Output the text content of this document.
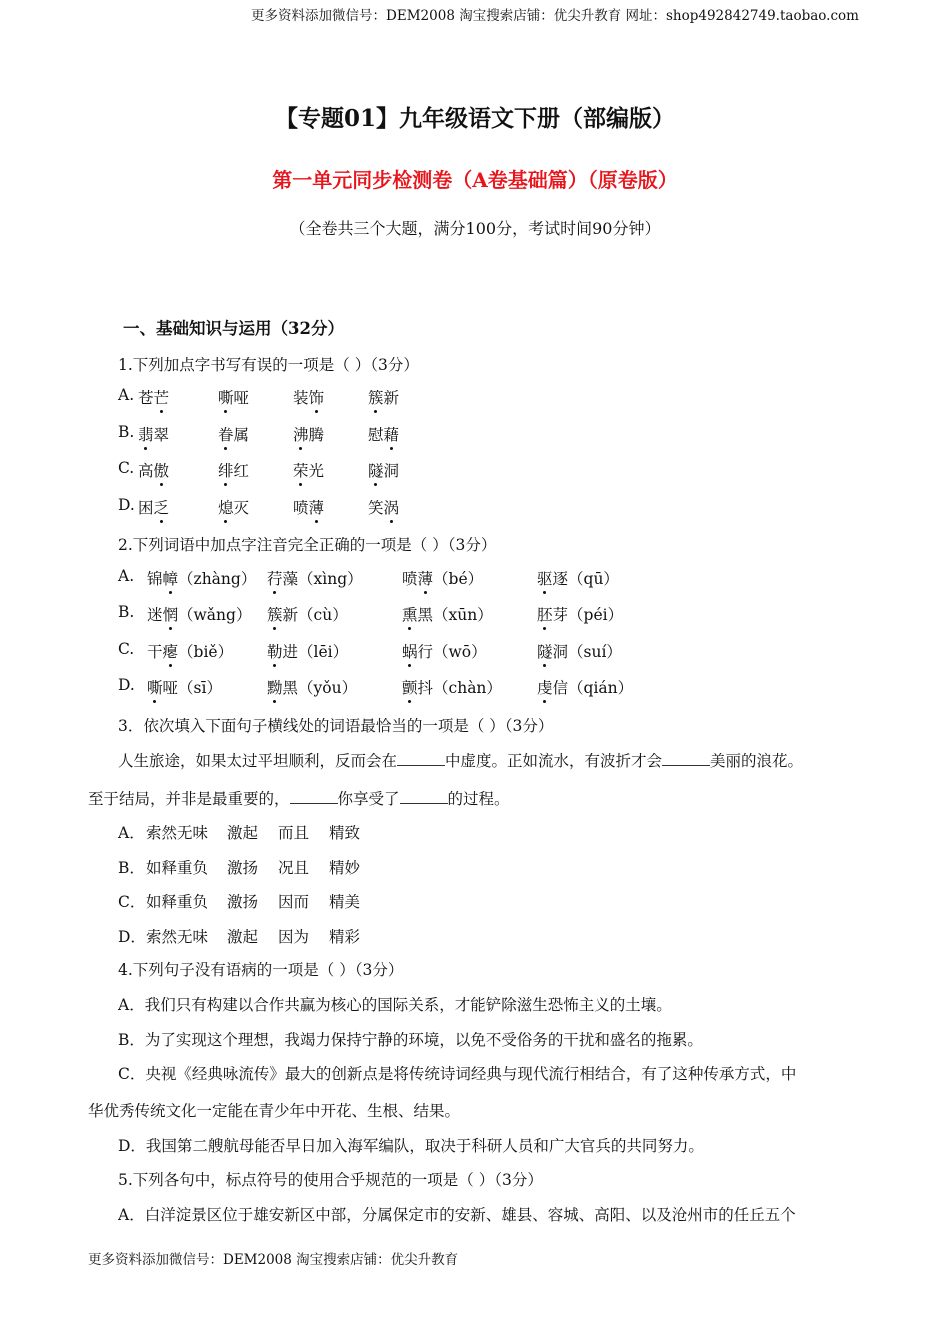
更多资料添加微信号：DEM2008 淘宝搜索店铺：优尖升教育 网址：shop492842749.taobao.com
【专题01】九年级语文下册（部编版）
第一单元同步检测卷（A卷基础篇）（原卷版）
（全卷共三个大题，满分100分，考试时间90分钟）
一、基础知识与运用（32分）
1.下列加点字书写有误的一项是（ ）（3分）
A. 苍芒	嘶哑	装饰	簇新
B. 翡翠	眷属	沸腾	慰藉
C. 高傲	绯红	荣光	隧洞
D. 困乏	熄灭	喷薄	笑涡
2.下列词语中加点字注音完全正确的一项是（ ）（3分）
A. 锦幛（zhàng） 荇藻（xìng）	喷薄（bé）	驱逐（qū）
B. 迷惘（wǎng） 簇新（cù）	熏黑（xūn）	胚芽（péi）
C. 干瘪（biě） 勒进（lēi）	蜗行（wō）	隧洞（suí）
D. 嘶哑（sī）	黝黑（yǒu）	颤抖（chàn） 虔信（qián）
3．依次填入下面句子横线处的词语最恰当的一项是（ ）（3分）
人生旅途，如果太过平坦顺利，反而会在	中虚度。正如流水，有波折才会	美丽的浪花。
至于结局，并非是最重要的，	你享受了	的过程。
A． 索然无味 激起 而且 精致
B． 如释重负 激扬 况且 精妙
C． 如释重负 激扬 因而 精美
D． 索然无味 激起 因为 精彩
4.下列句子没有语病的一项是（ ）（3分）
A．我们只有构建以合作共赢为核心的国际关系，才能铲除滋生恐怖主义的土壤。
B．为了实现这个理想，我竭力保持宁静的环境，以免不受俗务的干扰和盛名的拖累。
C．央视《经典咏流传》最大的创新点是将传统诗词经典与现代流行相结合，有了这种传承方式，中
华优秀传统文化一定能在青少年中开花、生根、结果。
D．我国第二艘航母能否早日加入海军编队，取决于科研人员和广大官兵的共同努力。
5.下列各句中，标点符号的使用合乎规范的一项是（ ）（3分）
A．白洋淀景区位于雄安新区中部，分属保定市的安新、雄县、容城、高阳、以及沧州市的任丘五个
更多资料添加微信号：DEM2008 淘宝搜索店铺：优尖升教育
